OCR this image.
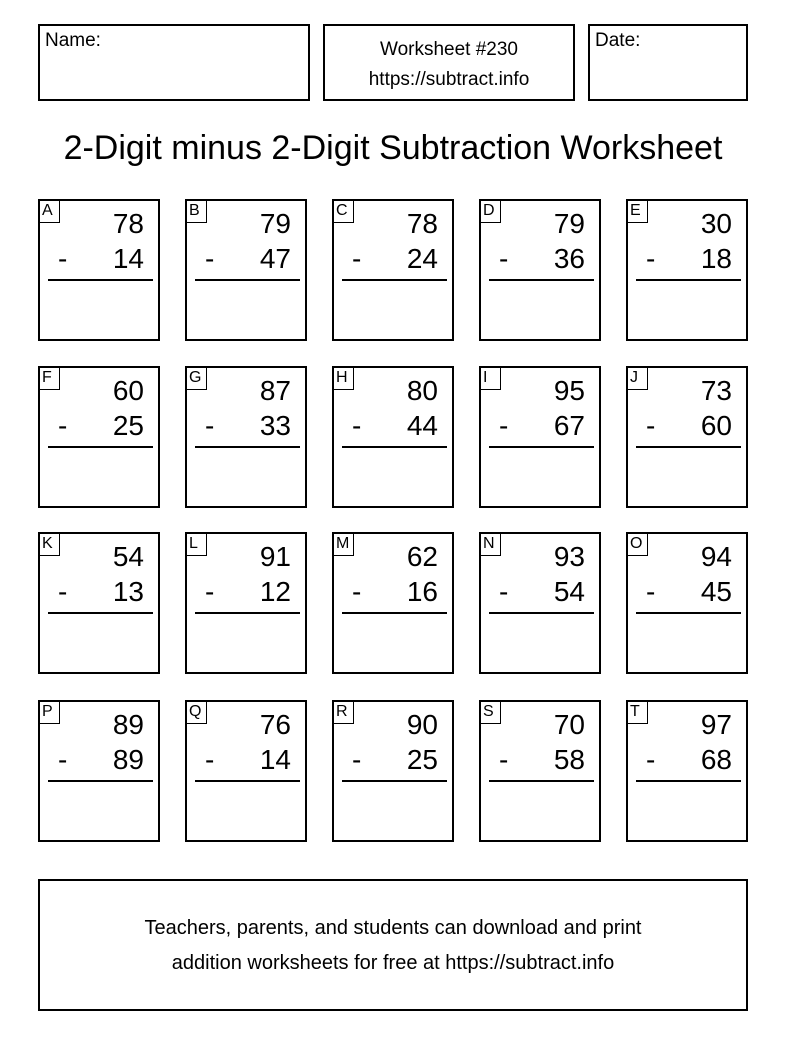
Name:	Worksheet #230
https://subtract.info
Date:
2-Digit minus 2-Digit Subtraction Worksheet
A 78
- 14
B 79
- 47
C 78
- 24
D 79
- 36
E 30
- 18
F 60
- 25
G 87
- 33
H 80
- 44
I	95
- 67
J	73
- 60
K 54
- 13
L	91
- 12
M 62
- 16
N 93
- 54
O 94
- 45
P 89
- 89
Q 76
- 14
R 90
- 25
S 70
- 58
T 97
- 68
Teachers, parents, and students can download and print
addition worksheets for free at https://subtract.info
